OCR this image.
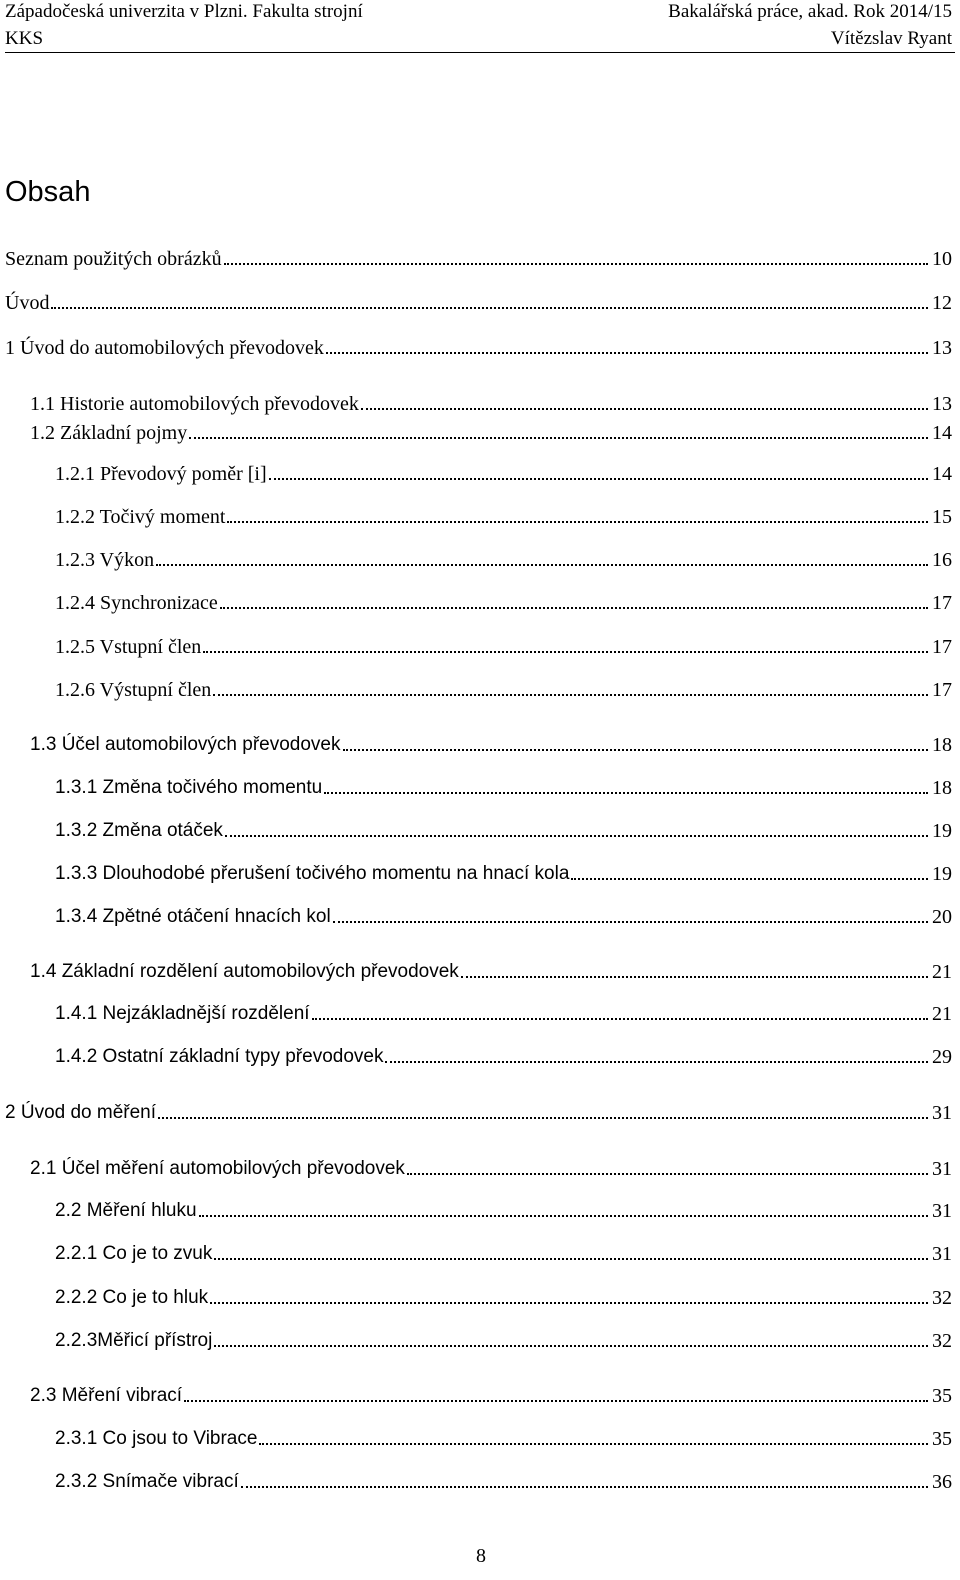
Západočeská univerzita v Plzni. Fakulta strojní
KKS
Bakalářská práce, akad. Rok 2014/15
Vítězslav Ryant
Obsah
Seznam použitých obrázků	10
Úvod	12
1 Úvod do automobilových převodovek	13
1.1 Historie automobilových převodovek	13
1.2 Základní pojmy	14
1.2.1 Převodový poměr [i]	14
1.2.2 Točivý moment	15
1.2.3 Výkon	16
1.2.4 Synchronizace	17
1.2.5 Vstupní člen	17
1.2.6 Výstupní člen	17
1.3 Účel automobilových převodovek	18
1.3.1 Změna točivého momentu	18
1.3.2 Změna otáček	19
1.3.3 Dlouhodobé přerušení točivého momentu na hnací kola	19
1.3.4 Zpětné otáčení hnacích kol	20
1.4 Základní rozdělení automobilových převodovek	21
1.4.1 Nejzákladnější rozdělení	21
1.4.2 Ostatní základní typy převodovek	29
2 Úvod do měření	31
2.1 Účel měření automobilových převodovek	31
2.2 Měření hluku	31
2.2.1 Co je to zvuk	31
2.2.2 Co je to hluk	32
2.2.3Měřicí přístroj	32
2.3 Měření vibrací	35
2.3.1 Co jsou to Vibrace	35
2.3.2 Snímače vibrací	36
8
